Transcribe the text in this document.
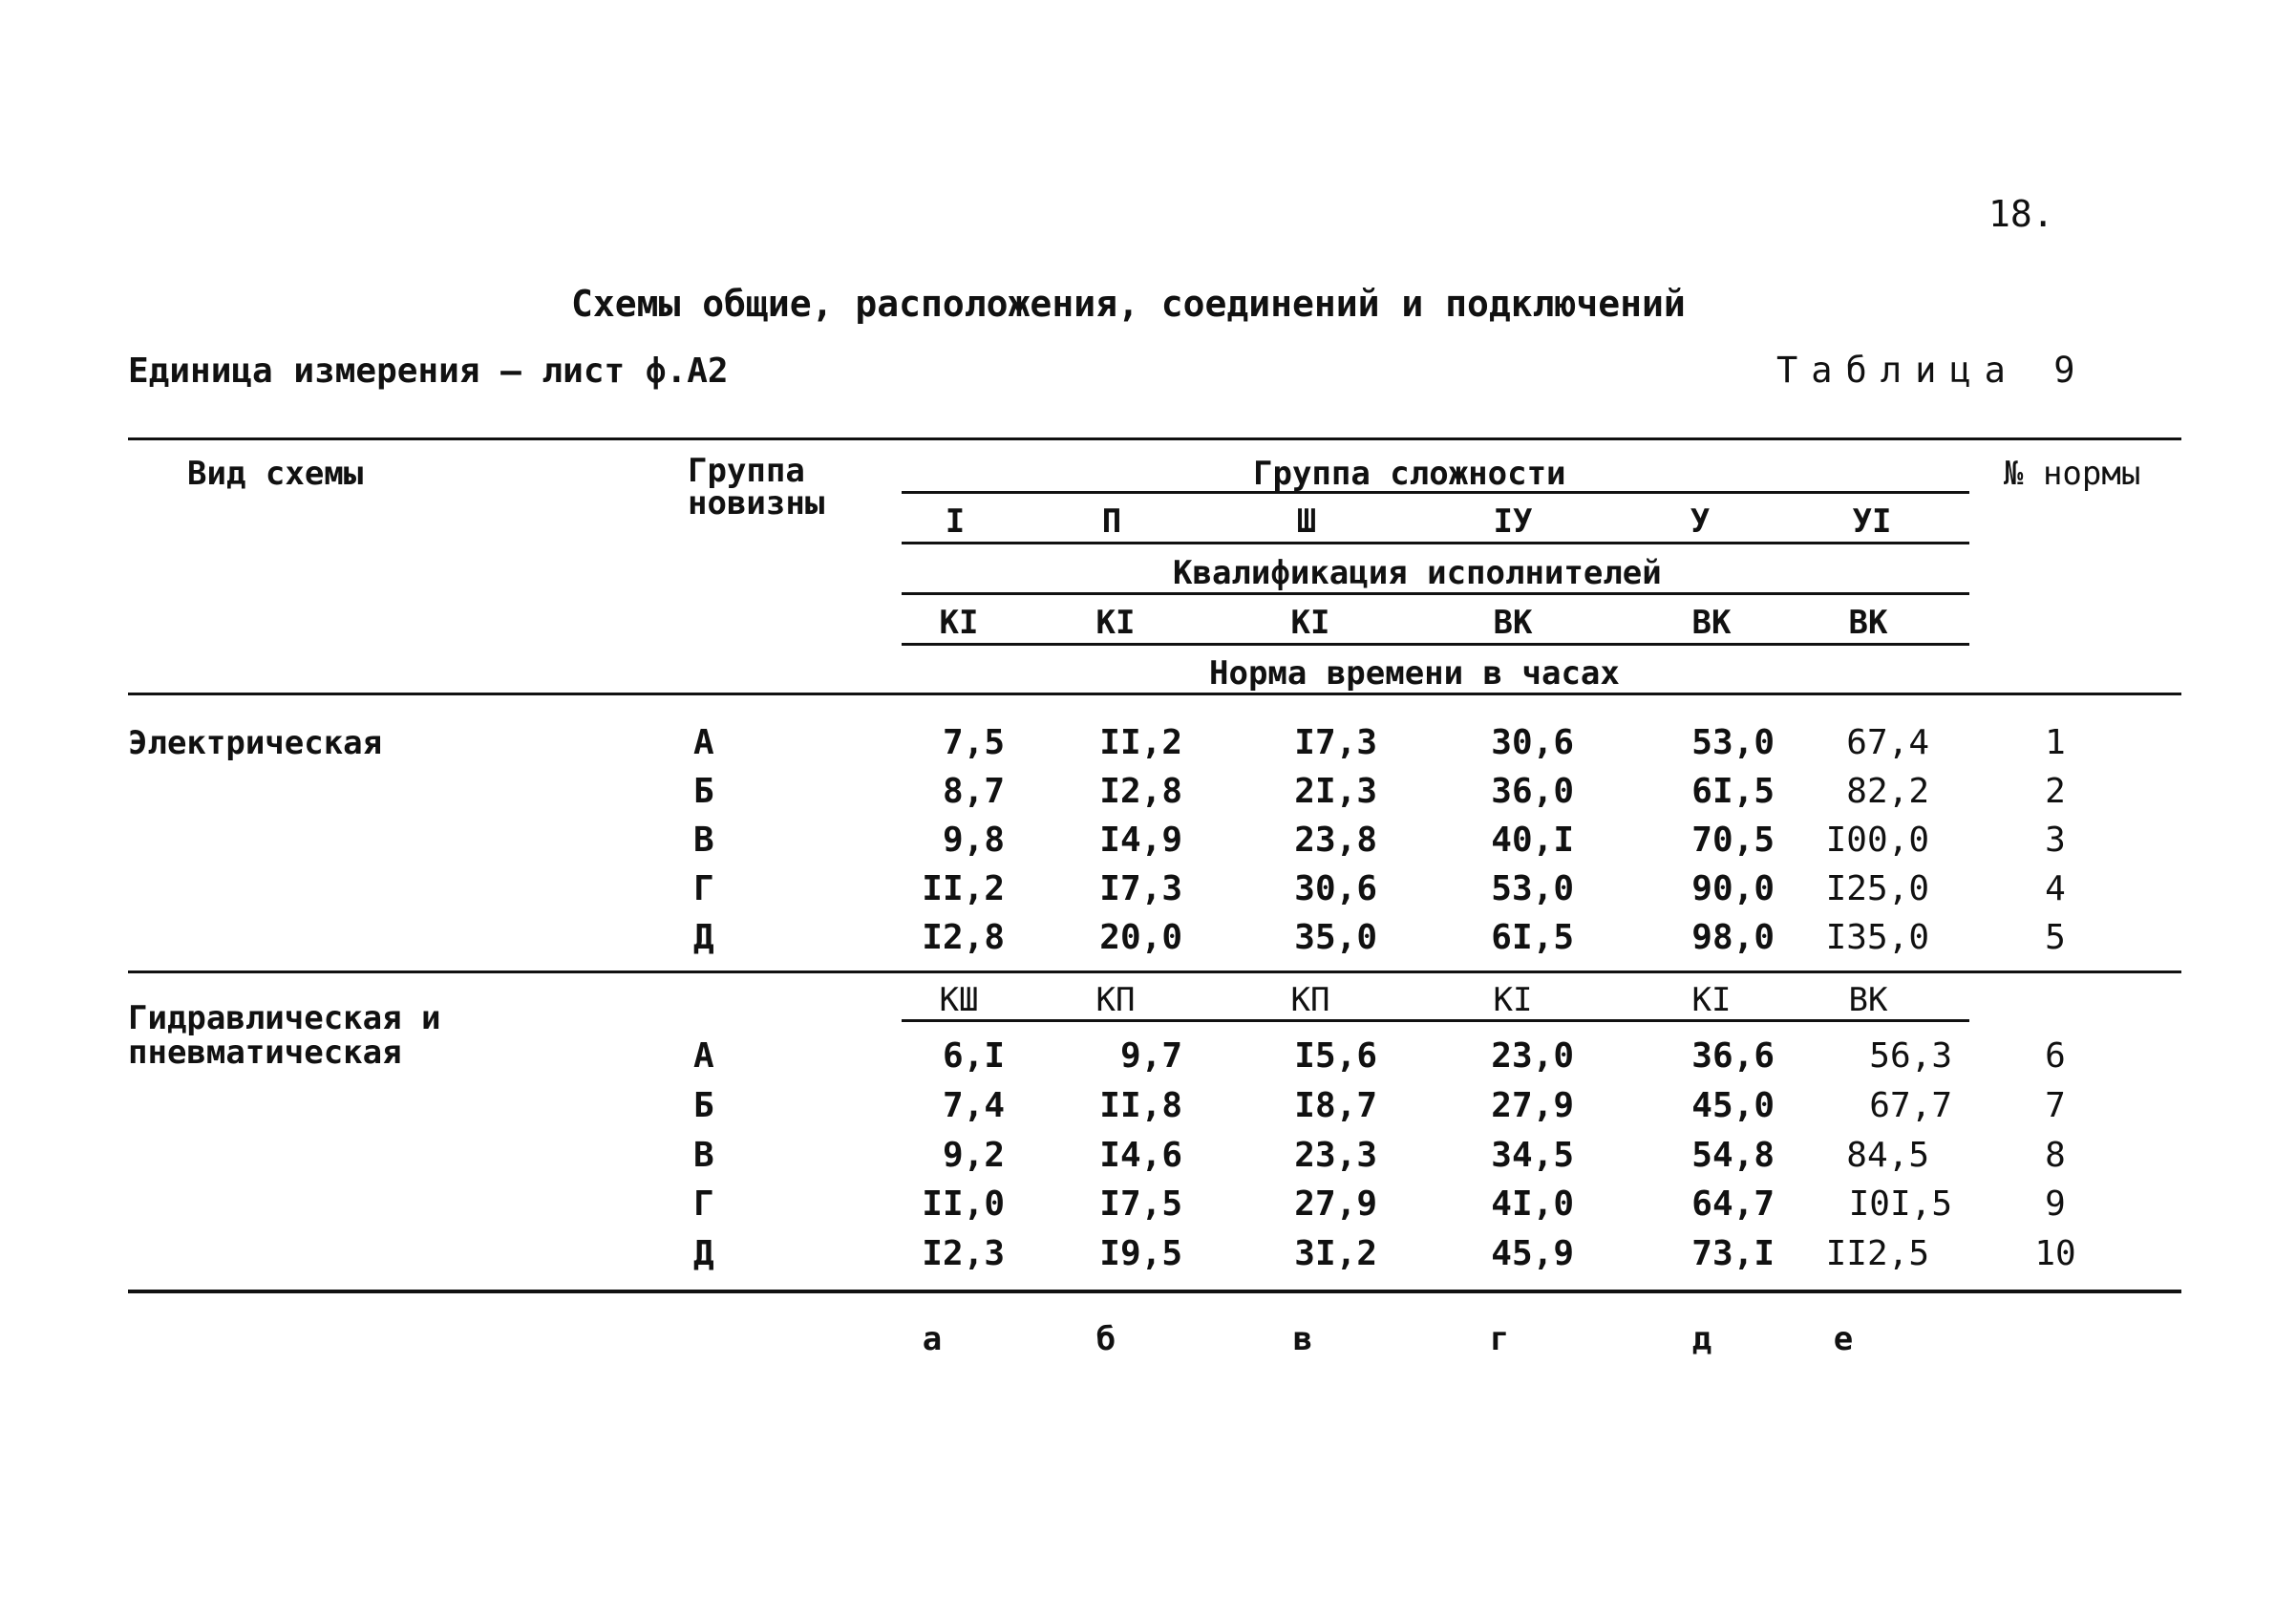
18.
Схемы общие, расположения, соединений и подключений
Единица измерения – лист ф.А2	Таблица 9
Вид схемы	Группа
новизны
Группа сложности	№ нормы
Квалификация исполнителей
Норма времени в часах
I	П	Ш	IУ	У	УI
КI	КI	КI	ВК	ВК	ВК
Электрическая	А	7,5	II,2	I7,3	30,6	53,0	67,4	1
Б	8,7	I2,8	2I,3	36,0	6I,5	82,2	2
В	9,8	I4,9	23,8	40,I	70,5	I00,0	3
Г	II,2	I7,3	30,6	53,0	90,0	I25,0	4
Д	I2,8	20,0	35,0	6I,5	98,0	I35,0	5
КШ	КП	КП	КI	КI	ВК
Гидравлическая и
пневматическая	А	6,I	9,7	I5,6	23,0	36,6	56,3	6
Б	7,4	II,8	I8,7	27,9	45,0	67,7	7
В	9,2	I4,6	23,3	34,5	54,8	84,5	8
Г	II,0	I7,5	27,9	4I,0	64,7	I0I,5	9
Д	I2,3	I9,5	3I,2	45,9	73,I	II2,5	10
а	б	в	г	д	е
